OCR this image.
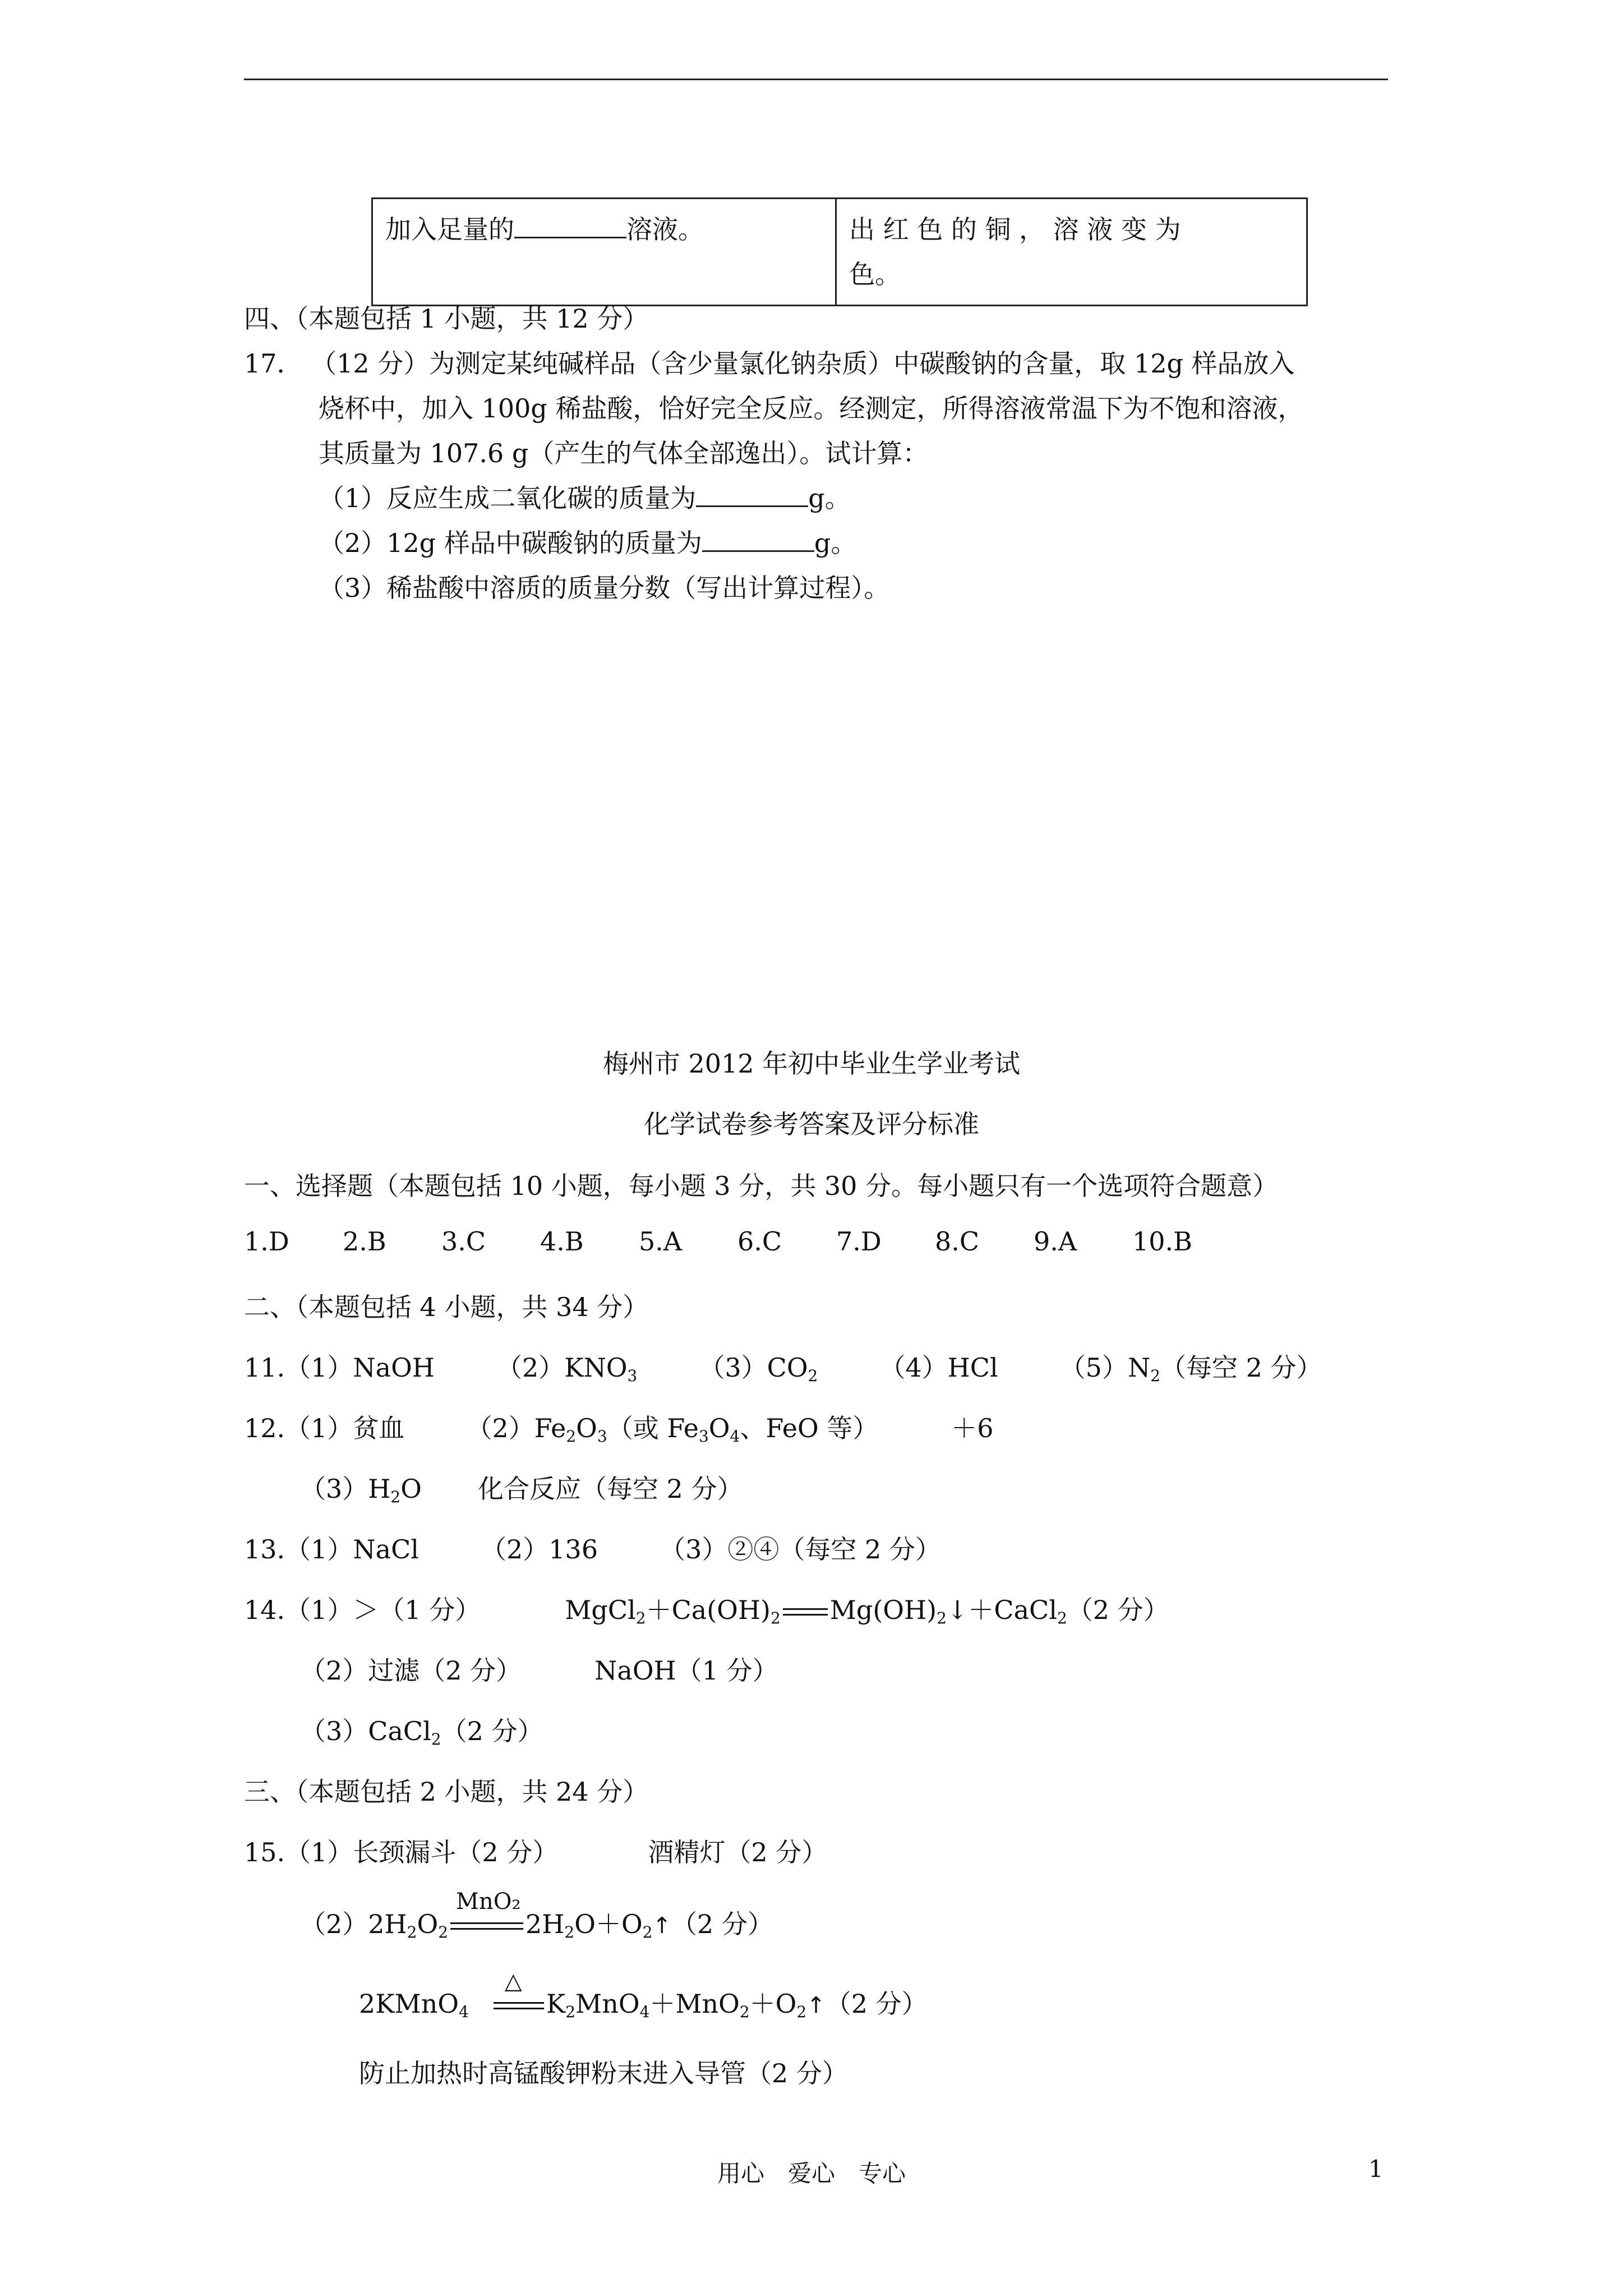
加入足量的	溶液。	出 红 色 的 铜 ， 溶 液 变 为
色。
四、（本题包括 1 小题，共 12 分）
17． （12 分）为测定某纯碱样品（含少量氯化钠杂质）中碳酸钠的含量，取 12g 样品放入
烧杯中，加入 100g 稀盐酸，恰好完全反应。经测定，所得溶液常温下为不饱和溶液，
其质量为 107.6 g（产生的气体全部逸出）。试计算：
（1）反应生成二氧化碳的质量为	g。
（2）12g 样品中碳酸钠的质量为	g。
（3）稀盐酸中溶质的质量分数（写出计算过程）。
梅州市 2012 年初中毕业生学业考试
化学试卷参考答案及评分标准
一、选择题（本题包括 10 小题，每小题 3 分，共 30 分。每小题只有一个选项符合题意）
1.D 2.B 3.C 4.B 5.A 6.C 7.D 8.C 9.A 10.B
二、（本题包括 4 小题，共 34 分）
11.（1）NaOH $(2)KNO_3$ $(3)CO_2$ （4）HCl $(5)N_2$（每空 2 分）
12.（1）贫血 $(2)Fe_2O_3$（或 $Fe_3O_4$、FeO 等）	＋6
$(3)H_2O$ 化合反应（每空 2 分）
13.（1）NaCl （2）136 （3）②④（每空 2 分）
14.（1）＞（1 分）	$MgCl_2+Ca(OH)_2$ $Mg(OH)_2↓+CaCl_2(2$ 分）
（2）过滤（2 分）	NaOH（1 分）
（3）CaCl$_2$（2 分）
三、（本题包括 2 小题，共 24 分）
15.（1）长颈漏斗（2 分）	酒精灯（2 分）
$(2)2H_2O_2$
MnO₂
$2H_2O+O_2↑(2$ 分）
2KMnO$_4$
△
$K_2MnO_4+MnO_2+O_2↑(2$ 分）
防止加热时高锰酸钾粉末进入导管（2 分）
用心　爱心　专心	1
